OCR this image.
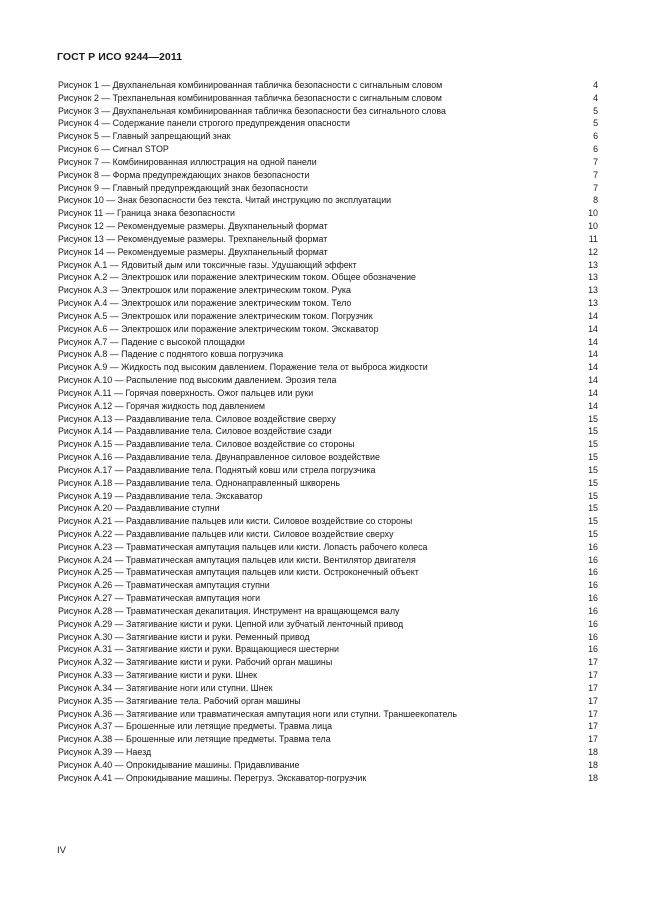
ГОСТ Р ИСО 9244—2011
Рисунок 1 — Двухпанельная комбинированная табличка безопасности с сигнальным словом	4
Рисунок 2 — Трехпанельная комбинированная табличка безопасности с сигнальным словом	4
Рисунок 3 — Двухпанельная комбинированная табличка безопасности без сигнального слова	5
Рисунок 4 — Содержание панели строгого предупреждения опасности	5
Рисунок 5 — Главный запрещающий знак	6
Рисунок 6 — Сигнал STOP	6
Рисунок 7 — Комбинированная иллюстрация на одной панели	7
Рисунок 8 — Форма предупреждающих знаков безопасности	7
Рисунок 9 — Главный предупреждающий знак безопасности	7
Рисунок 10 — Знак безопасности без текста. Читай инструкцию по эксплуатации	8
Рисунок 11 — Граница знака безопасности	10
Рисунок 12 — Рекомендуемые размеры. Двухпанельный формат	10
Рисунок 13 — Рекомендуемые размеры. Трехпанельный формат	11
Рисунок 14 — Рекомендуемые размеры. Двухпанельный формат	12
Рисунок А.1 — Ядовитый дым или токсичные газы. Удушающий эффект	13
Рисунок А.2 — Электрошок или поражение электрическим током. Общее обозначение	13
Рисунок А.3 — Электрошок или поражение электрическим током. Рука	13
Рисунок А.4 — Электрошок или поражение электрическим током. Тело	13
Рисунок А.5 — Электрошок или поражение электрическим током. Погрузчик	14
Рисунок А.6 — Электрошок или поражение электрическим током. Экскаватор	14
Рисунок А.7 — Падение с высокой площадки	14
Рисунок А.8 — Падение с поднятого ковша погрузчика	14
Рисунок А.9 — Жидкость под высоким давлением. Поражение тела от выброса жидкости	14
Рисунок А.10 — Распыление под высоким давлением. Эрозия тела	14
Рисунок А.11 — Горячая поверхность. Ожог пальцев или руки	14
Рисунок А.12 — Горячая жидкость под давлением	14
Рисунок А.13 — Раздавливание тела. Силовое воздействие сверху	15
Рисунок А.14 — Раздавливание тела. Силовое воздействие сзади	15
Рисунок А.15 — Раздавливание тела. Силовое воздействие со стороны	15
Рисунок А.16 — Раздавливание тела. Двунаправленное силовое воздействие	15
Рисунок А.17 — Раздавливание тела. Поднятый ковш или стрела погрузчика	15
Рисунок А.18 — Раздавливание тела. Однонаправленный шкворень	15
Рисунок А.19 — Раздавливание тела. Экскаватор	15
Рисунок А.20 — Раздавливание ступни	15
Рисунок А.21 — Раздавливание пальцев или кисти. Силовое воздействие со стороны	15
Рисунок А.22 — Раздавливание пальцев или кисти. Силовое воздействие сверху	15
Рисунок А.23 — Травматическая ампутация пальцев или кисти. Лопасть рабочего колеса	16
Рисунок А.24 — Травматическая ампутация пальцев или кисти. Вентилятор двигателя	16
Рисунок А.25 — Травматическая ампутация пальцев или кисти. Остроконечный объект	16
Рисунок А.26 — Травматическая ампутация ступни	16
Рисунок А.27 — Травматическая ампутация ноги	16
Рисунок А.28 — Травматическая декапитация. Инструмент на вращающемся валу	16
Рисунок А.29 — Затягивание кисти и руки. Цепной или зубчатый ленточный привод	16
Рисунок А.30 — Затягивание кисти и руки. Ременный привод	16
Рисунок А.31 — Затягивание кисти и руки. Вращающиеся шестерни	16
Рисунок А.32 — Затягивание кисти и руки. Рабочий орган машины	17
Рисунок А.33 — Затягивание кисти и руки. Шнек	17
Рисунок А.34 — Затягивание ноги или ступни. Шнек	17
Рисунок А.35 — Затягивание тела. Рабочий орган машины	17
Рисунок А.36 — Затягивание или травматическая ампутация ноги или ступни. Траншеекопатель	17
Рисунок А.37 — Брошенные или летящие предметы. Травма лица	17
Рисунок А.38 — Брошенные или летящие предметы. Травма тела	17
Рисунок А.39 — Наезд	18
Рисунок А.40 — Опрокидывание машины. Придавливание	18
Рисунок А.41 — Опрокидывание машины. Перегруз. Экскаватор-погрузчик	18
IV
